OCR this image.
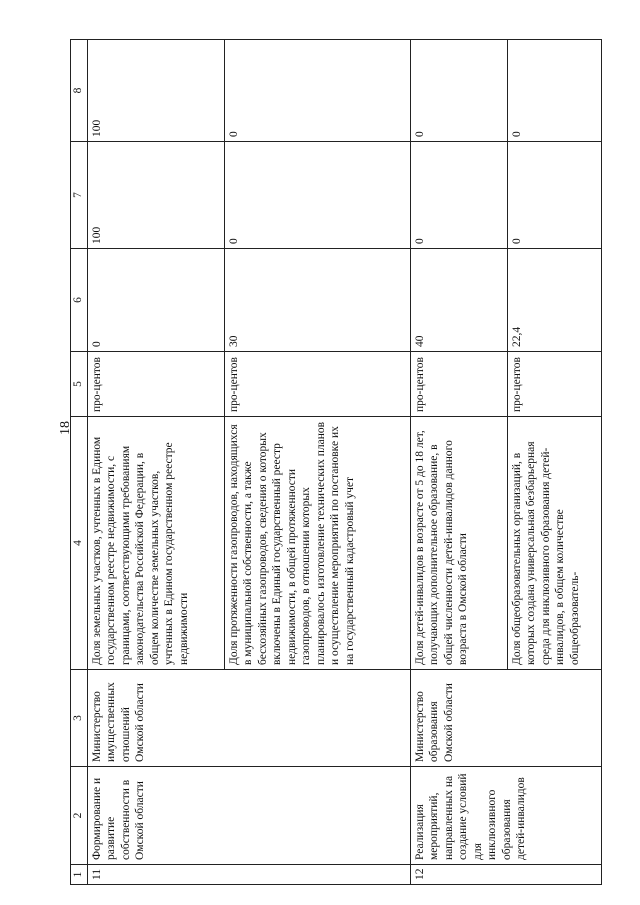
18
1	2	3	4	5	6	7	8
11	Формирование и развитие собственности в Омской области	Министерство имущественных отношений Омской области	Доля земельных участков, учтенных в Едином государственном реестре недвижимости, с границами, соответствующими требованиям законодательства Российской Федерации, в общем количестве земельных участков, учтенных в Едином государственном реестре недвижимости	про-центов	0	100	100
			Доля протяженности газопроводов, находящихся в муниципальной собственности, а также бесхозяйных газопроводов, сведения о которых включены в Единый государственный реестр недвижимости, в общей протяженности газопроводов, в отношении которых планировалось изготовление технических планов и осуществление мероприятий по постановке их на государственный кадастровый учет	про-центов	30	0	0
12	Реализация мероприятий, направленных на создание условий для инклюзивного образования детей-инвалидов	Министерство образования Омской области	Доля детей-инвалидов в возрасте от 5 до 18 лет, получающих дополнительное образование, в общей численности детей-инвалидов данного возраста в Омской области	про-центов	40	0	0
			Доля общеобразовательных организаций, в которых создана универсальная безбарьерная среда для инклюзивного образования детей-инвалидов, в общем количестве общеобразователь-	про-центов	22,4	0	0
